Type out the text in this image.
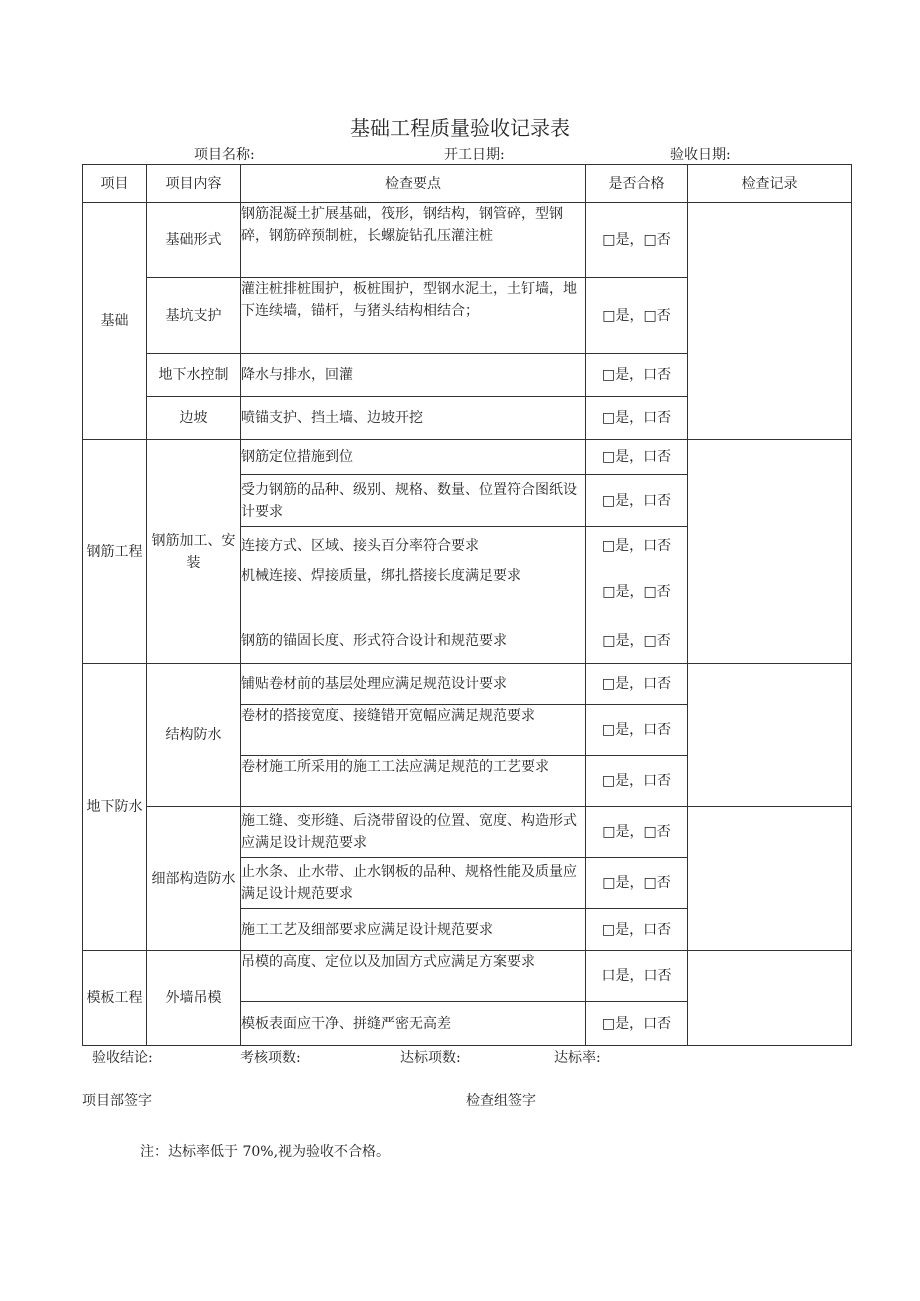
基础工程质量验收记录表
项目名称:	开工日期:	验收日期:
项目	项目内容	检查要点	是否合格	检查记录
基础	基础形式	钢筋混凝土扩展基础，筏形，钢结构，钢管碎，型钢碎，钢筋碎预制桩，长螺旋钻孔压灌注桩	□是，□否	
	基坑支护	灌注桩排桩围护，板桩围护，型钢水泥土，土钉墙，地下连续墙，锚杆，与猪头结构相结合；	□是，□否	
	地下水控制	降水与排水，回灌	□是，口否	
	边坡	喷锚支护、挡土墙、边坡开挖	□是，口否	
钢筋工程	钢筋加工、安装	钢筋定位措施到位	□是，口否	
		受力钢筋的品种、级别、规格、数量、位置符合图纸设计要求	□是，口否	
		连接方式、区域、接头百分率符合要求	□是，口否	
		机械连接、焊接质量，绑扎搭接长度满足要求	□是，□否	
		钢筋的锚固长度、形式符合设计和规范要求	□是，□否	
地下防水	结构防水	铺贴卷材前的基层处理应满足规范设计要求	□是，口否	
		卷材的搭接宽度、接缝错开宽幅应满足规范要求	□是，口否	
		卷材施工所采用的施工工法应满足规范的工艺要求	□是，口否	
	细部构造防水	施工缝、变形缝、后浇带留设的位置、宽度、构造形式应满足设计规范要求	□是，□否	
		止水条、止水带、止水钢板的品种、规格性能及质量应满足设计规范要求	□是，□否	
		施工工艺及细部要求应满足设计规范要求	□是，口否	
模板工程	外墙吊模	吊模的高度、定位以及加固方式应满足方案要求	口是，口否	
		模板表面应干净、拼缝严密无高差	□是，口否	
验收结论:	考核项数:	达标项数:	达标率:
项目部签字	检查组签字
注：达标率低于 70%,视为验收不合格。
